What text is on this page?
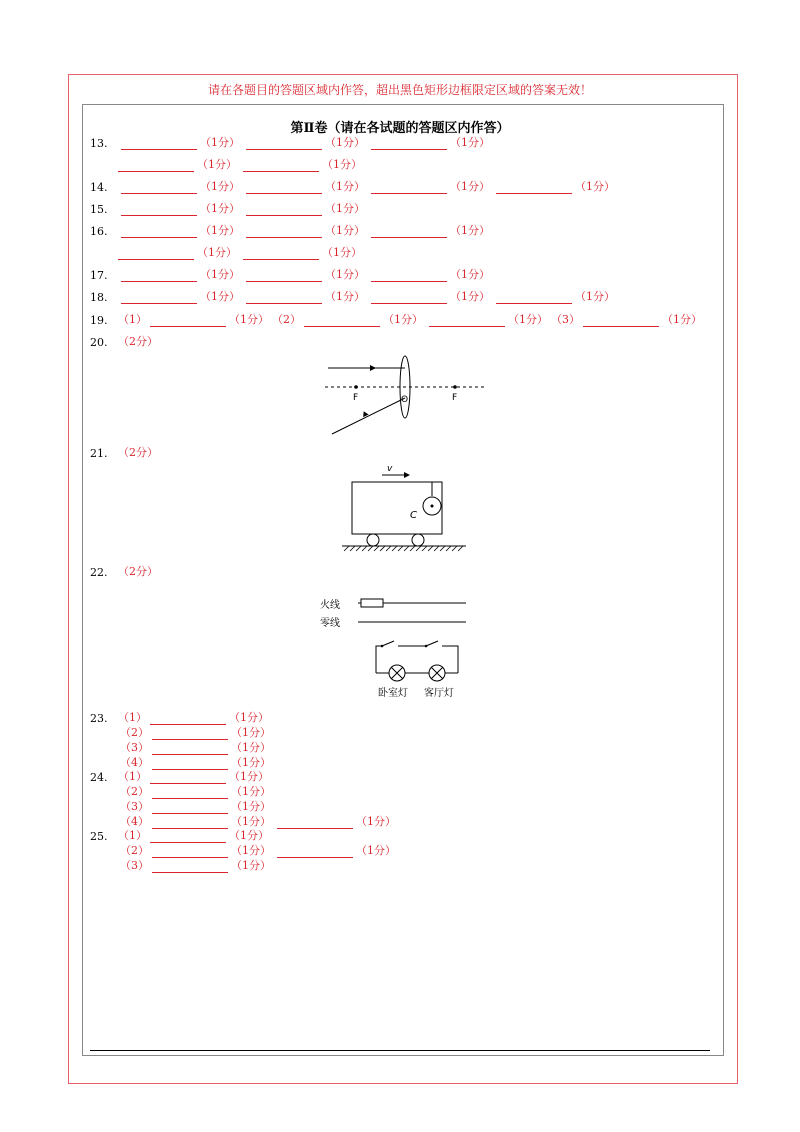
请在各题目的答题区域内作答，超出黑色矩形边框限定区域的答案无效！
第Ⅱ卷（请在各试题的答题区内作答）
13.	（1分）	（1分）	（1分）
（1分）	（1分）
14.	（1分）	（1分）	（1分）	（1分）
15.	（1分）	（1分）
16.	（1分）	（1分）	（1分）
（1分）	（1分）
17.	（1分）	（1分）	（1分）
18.	（1分）	（1分）	（1分）	（1分）
19. （1）	（1分） （2）	（1分）	（1分） （3）	（1分）
20. （2分）
F	O	F
21. （2分）
v
C
22. （2分）
火线
零线
卧室灯 客厅灯
23. （1）	（1分）
（2）	（1分）
（3）	（1分）
（4）	（1分）
24. （1）	（1分）
（2）	（1分）
（3）	（1分）
（4）	（1分）	（1分）
25. （1）	（1分）
（2）	（1分）	（1分）
（3）	（1分）
